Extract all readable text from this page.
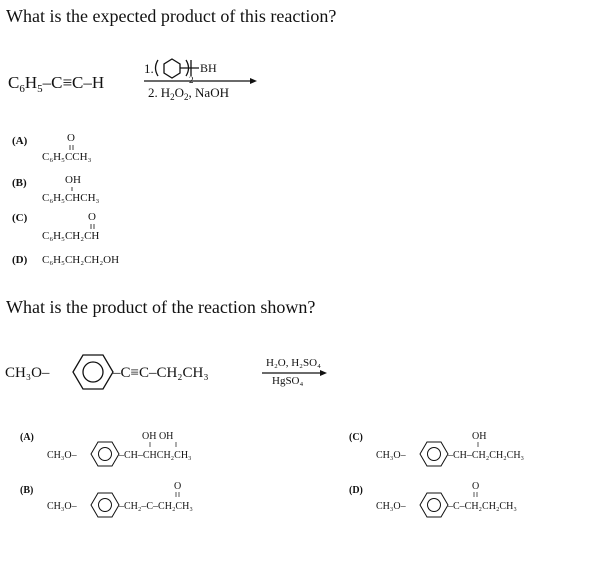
What is the expected product of this reaction?
What is the product of the reaction shown?
$C_6H_5-C\equiv C-H$
1.	BH
2
2. $H_2O_2$, NaOH
(A)	O
C₆H₅CCH₃
(B)	OH
C₆H₅CHCH₃
(C)	O
C₆H₅CH₂CH
(D) C₆H₅CH₂CH₂OH
CH₃O–	–C≡C–CH₂CH₃
H₂O, H₂SO₄
HgSO₄
(A)
CH₃O–
OH OH
–CH–CHCH₂CH₃
(B)
CH₃O–
O
–CH₂–C–CH₂CH₃
(C)
CH₃O–
OH
–CH–CH₂CH₂CH₃
(D)
CH₃O–
O
–C–CH₂CH₂CH₃
